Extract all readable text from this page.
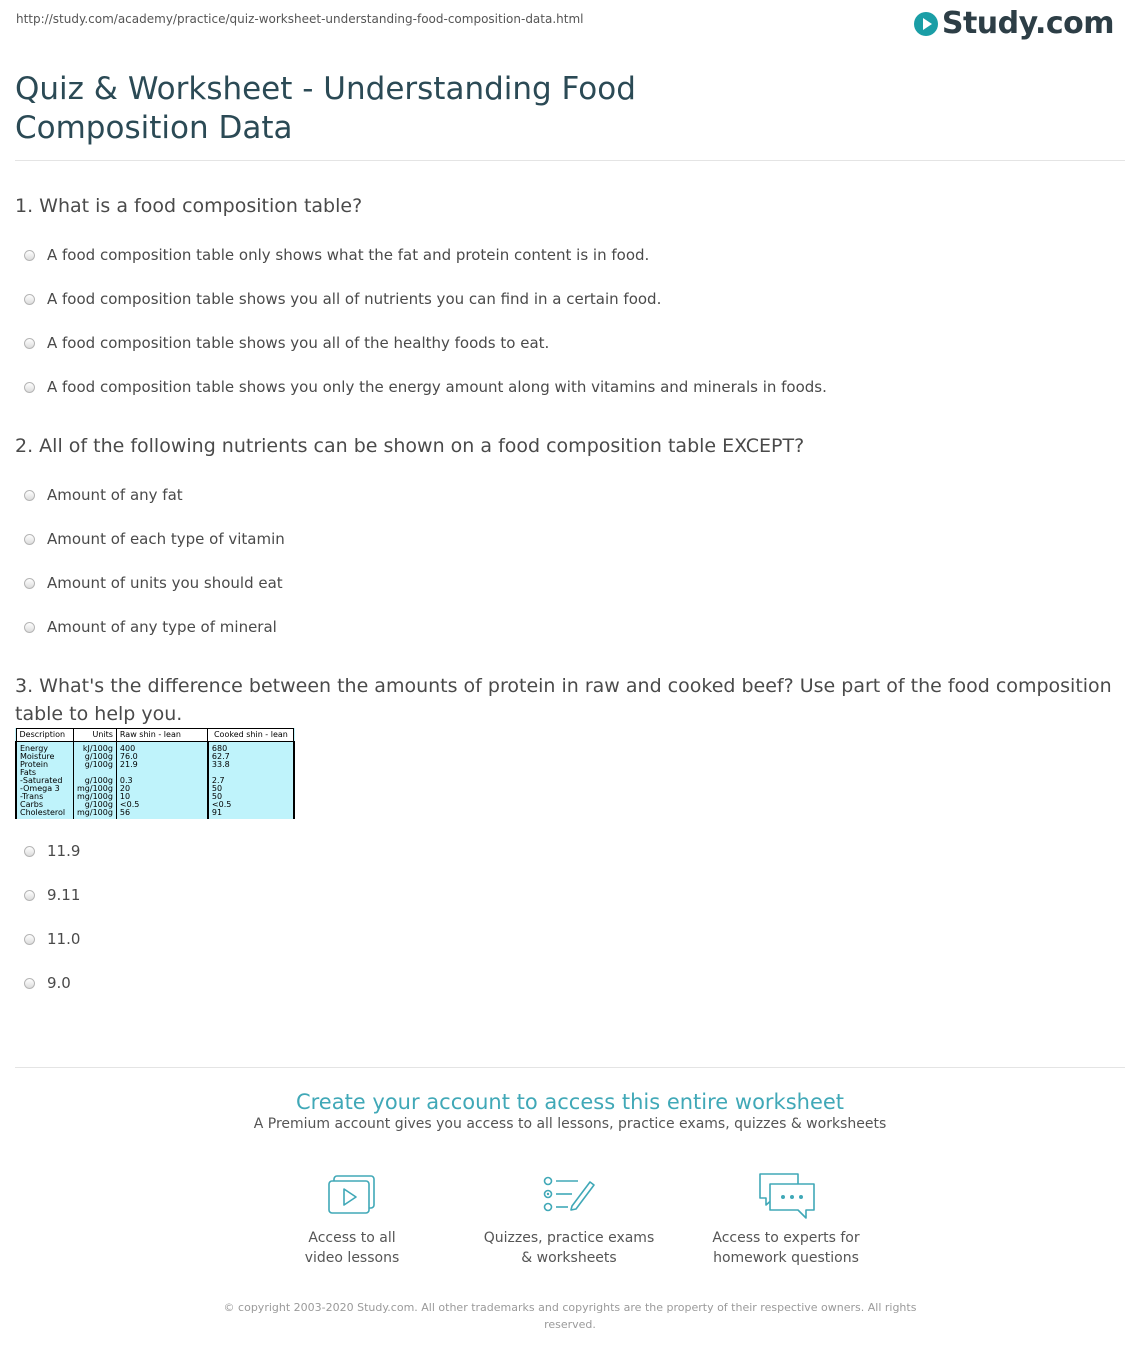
http://study.com/academy/practice/quiz-worksheet-understanding-food-composition-data.html	Study.com
Quiz & Worksheet - Understanding Food Composition Data

1. What is a food composition table?

A food composition table only shows what the fat and protein content is in food.
A food composition table shows you all of nutrients you can find in a certain food.
A food composition table shows you all of the healthy foods to eat.
A food composition table shows you only the energy amount along with vitamins and minerals in foods.

2. All of the following nutrients can be shown on a food composition table EXCEPT?

Amount of any fat
Amount of each type of vitamin
Amount of units you should eat
Amount of any type of mineral

3. What's the difference between the amounts of protein in raw and cooked beef? Use part of the food composition table to help you.

Description	Units	Raw shin - lean	Cooked shin - lean
Energy	kJ/100g	400	680
Moisture	g/100g	76.0	62.7
Protein	g/100g	21.9	33.8
Fats			
-Saturated	g/100g	0.3	2.7
-Omega 3	mg/100g	20	50
-Trans	mg/100g	10	50
Carbs	g/100g	<0.5	<0.5
Cholesterol	mg/100g	56	91
11.9
9.11
11.0
9.0
Create your account to access this entire worksheet
A Premium account gives you access to all lessons, practice exams, quizzes & worksheets
Access to all
video lessons
Quizzes, practice exams
& worksheets
Access to experts for
homework questions
© copyright 2003-2020 Study.com. All other trademarks and copyrights are the property of their respective owners. All rights reserved.
